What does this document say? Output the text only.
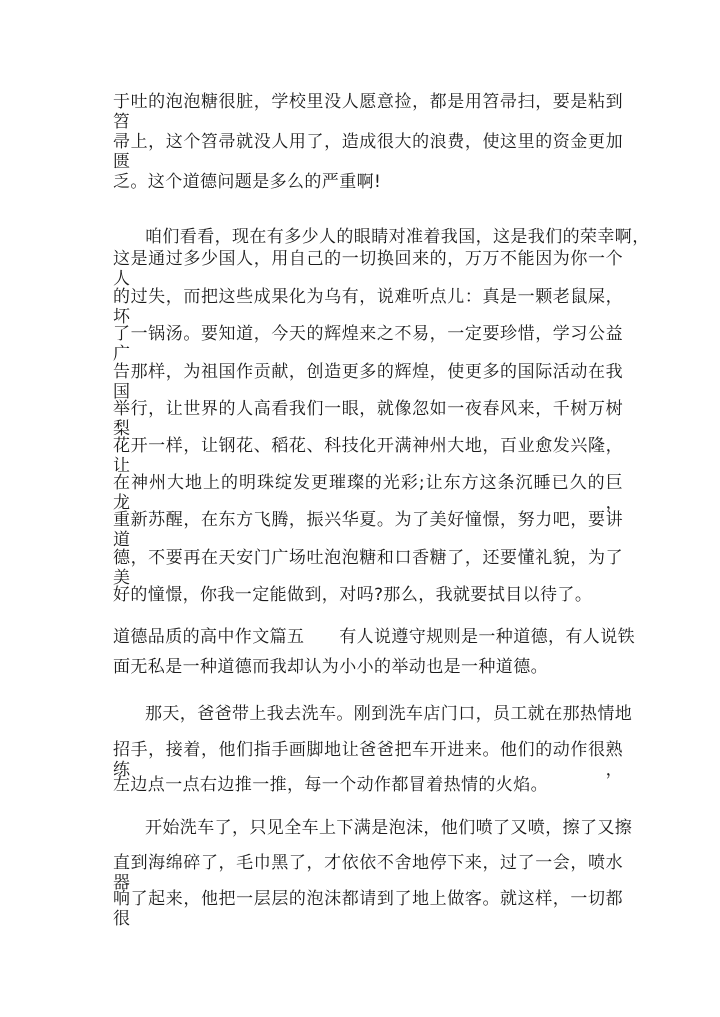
于吐的泡泡糖很脏，学校里没人愿意捡，都是用笤帚扫，要是粘到笤
帚上，这个笤帚就没人用了，造成很大的浪费，使这里的资金更加匮
乏。这个道德问题是多么的严重啊!
咱们看看，现在有多少人的眼睛对准着我国，这是我们的荣幸啊，
这是通过多少国人，用自己的一切换回来的，万万不能因为你一个人
的过失，而把这些成果化为乌有，说难听点儿：真是一颗老鼠屎，坏
了一锅汤。要知道，今天的辉煌来之不易，一定要珍惜，学习公益广
告那样，为祖国作贡献，创造更多的辉煌，使更多的国际活动在我国
举行，让世界的人高看我们一眼，就像忽如一夜春风来，千树万树梨
花开一样，让钢花、稻花、科技化开满神州大地，百业愈发兴隆，让
在神州大地上的明珠绽发更璀璨的光彩;让东方这条沉睡已久的巨龙，
重新苏醒，在东方飞腾，振兴华夏。为了美好憧憬，努力吧，要讲道
德，不要再在天安门广场吐泡泡糖和口香糖了，还要懂礼貌，为了美
好的憧憬，你我一定能做到，对吗?那么，我就要拭目以待了。
道德品质的高中作文篇五　　有人说遵守规则是一种道德，有人说铁
面无私是一种道德而我却认为小小的举动也是一种道德。
那天，爸爸带上我去洗车。刚到洗车店门口，员工就在那热情地
招手，接着，他们指手画脚地让爸爸把车开进来。他们的动作很熟练，
左边点一点右边推一推，每一个动作都冒着热情的火焰。
开始洗车了，只见全车上下满是泡沫，他们喷了又喷，擦了又擦
直到海绵碎了，毛巾黑了，才依依不舍地停下来，过了一会，喷水器
响了起来，他把一层层的泡沫都请到了地上做客。就这样，一切都很
